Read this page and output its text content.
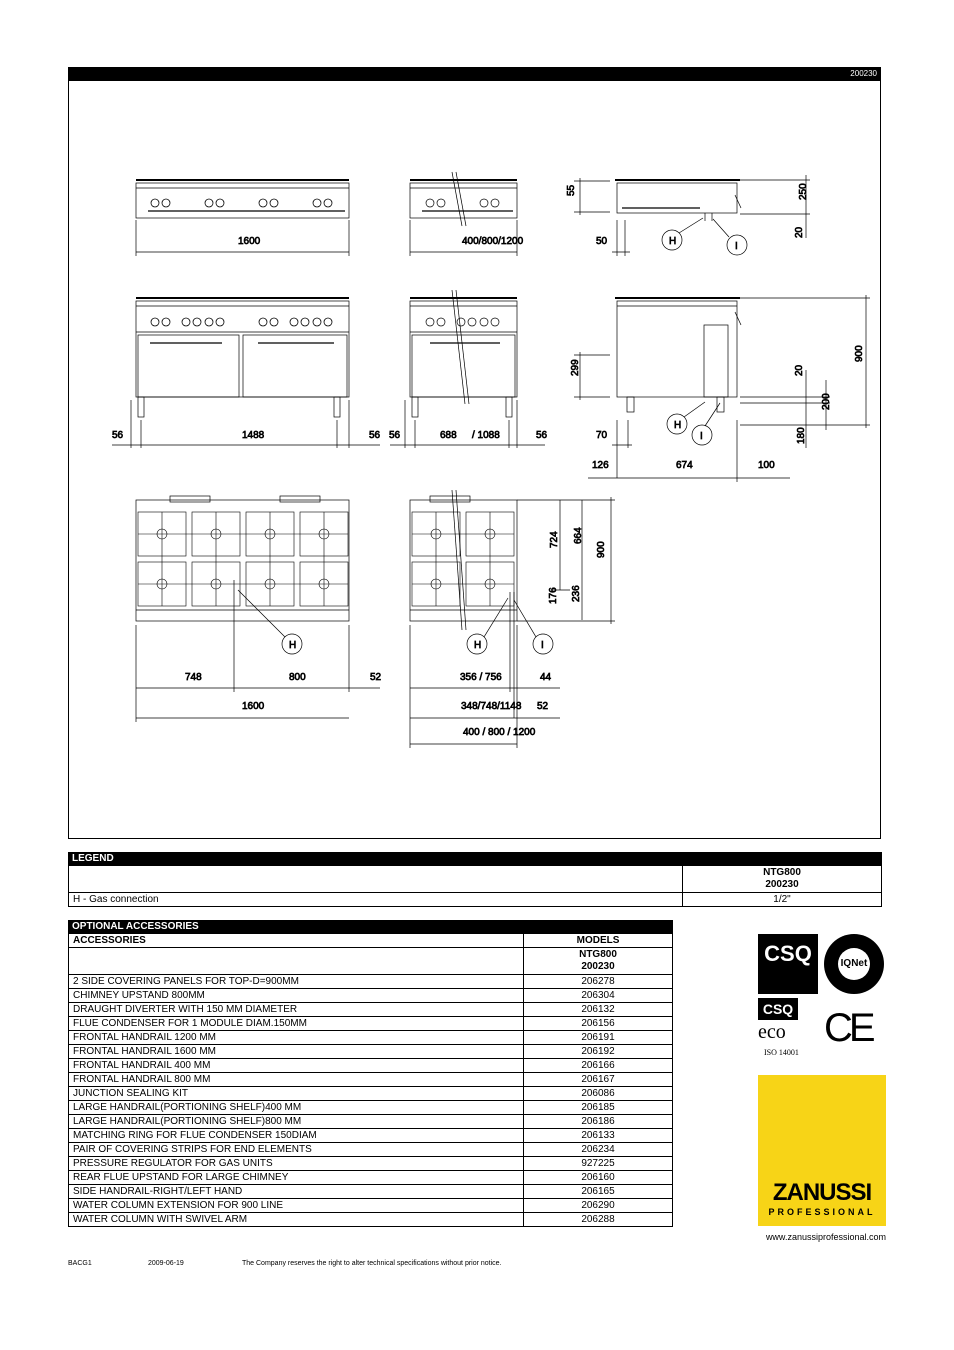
200230
1600	400/800/1200
55
50
250
20
H	I
56	1488	56 56	688 / 1088	56
299
70
126	674	100
20
200
180
900
H
I
748	800	52
1600
H
356 / 756	44
348/748/1148 52
400 / 800 / 1200
724 664
900
176 236
H	I
LEGEND

	NTG800
200230

H - Gas connection	1/2"
OPTIONAL ACCESSORIES
ACCESSORIES	MODELS

	NTG800
200230

2 SIDE COVERING PANELS FOR TOP-D=900MM	206278
CHIMNEY UPSTAND 800MM	206304
DRAUGHT DIVERTER WITH 150 MM DIAMETER	206132
FLUE CONDENSER FOR 1 MODULE DIAM.150MM	206156
FRONTAL HANDRAIL 1200 MM	206191
FRONTAL HANDRAIL 1600 MM	206192
FRONTAL HANDRAIL 400 MM	206166
FRONTAL HANDRAIL 800 MM	206167
JUNCTION SEALING KIT	206086
LARGE HANDRAIL(PORTIONING SHELF)400 MM	206185
LARGE HANDRAIL(PORTIONING SHELF)800 MM	206186
MATCHING RING FOR FLUE CONDENSER 150DIAM	206133
PAIR OF COVERING STRIPS FOR END ELEMENTS	206234
PRESSURE REGULATOR FOR GAS UNITS	927225
REAR FLUE UPSTAND FOR LARGE CHIMNEY	206160
SIDE HANDRAIL-RIGHT/LEFT HAND	206165
WATER COLUMN EXTENSION FOR 900 LINE	206290
WATER COLUMN WITH SWIVEL ARM	206288
CSQ	IQNet
CSQ
eco
ISO 14001
CE
ZANUSSI
PROFESSIONAL
www.zanussiprofessional.com
BACG1	2009-06-19	The Company reserves the right to alter technical specifications without prior notice.
